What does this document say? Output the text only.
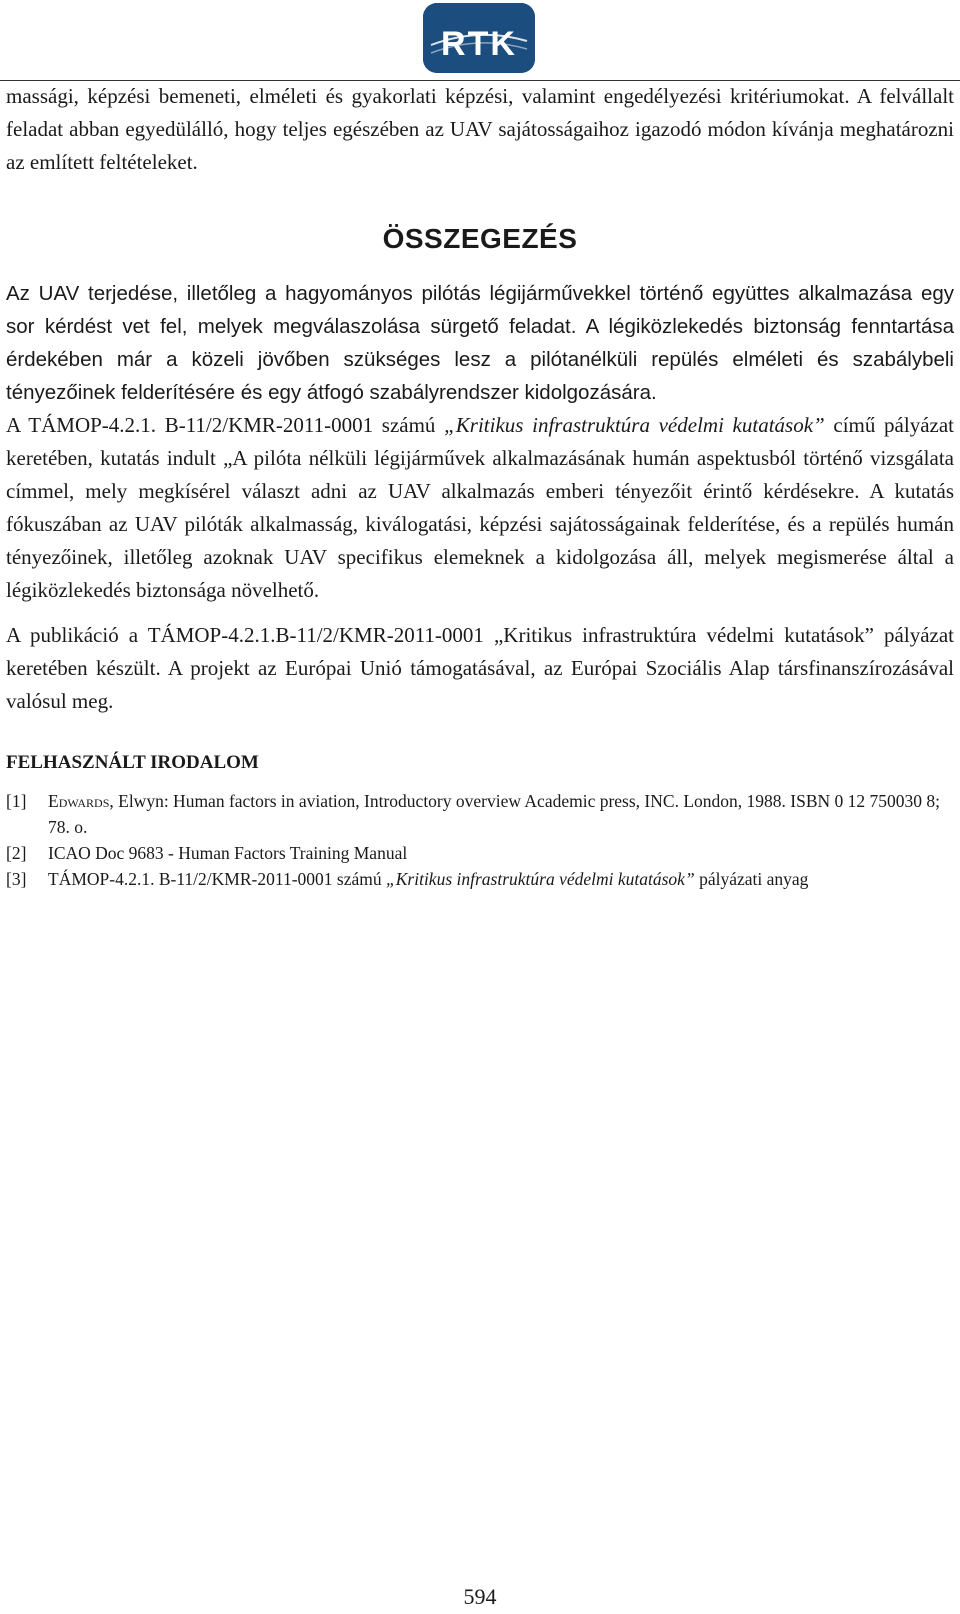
RTK

massági, képzési bemeneti, elméleti és gyakorlati képzési, valamint engedélyezési kritériumokat. A felvállalt feladat abban egyedülálló, hogy teljes egészében az UAV sajátosságaihoz igazodó módon kívánja meghatározni az említett feltételeket.

ÖSSZEGEZÉS

Az UAV terjedése, illetőleg a hagyományos pilótás légijárművekkel történő együttes alkalmazása egy sor kérdést vet fel, melyek megválaszolása sürgető feladat. A légiközlekedés biztonság fenntartása érdekében már a közeli jövőben szükséges lesz a pilótanélküli repülés elméleti és szabálybeli tényezőinek felderítésére és egy átfogó szabályrendszer kidolgozására.

A TÁMOP-4.2.1. B-11/2/KMR-2011-0001 számú „Kritikus infrastruktúra védelmi kutatások” című pályázat keretében, kutatás indult „A pilóta nélküli légijárművek alkalmazásának humán aspektusból történő vizsgálata címmel, mely megkísérel választ adni az UAV alkalmazás emberi tényezőit érintő kérdésekre. A kutatás fókuszában az UAV pilóták alkalmasság, kiválogatási, képzési sajátosságainak felderítése, és a repülés humán tényezőinek, illetőleg azoknak UAV specifikus elemeknek a kidolgozása áll, melyek megismerése által a légiközlekedés biztonsága növelhető.

A publikáció a TÁMOP-4.2.1.B-11/2/KMR-2011-0001 „Kritikus infrastruktúra védelmi kutatások” pályázat keretében készült. A projekt az Európai Unió támogatásával, az Európai Szociális Alap társfinanszírozásával valósul meg.

FELHASZNÁLT IRODALOM
[1]	Edwards, Elwyn: Human factors in aviation, Introductory overview Academic press, INC. London, 1988. ISBN 0 12 750030 8; 78. o.
[2]	ICAO Doc 9683 - Human Factors Training Manual
[3]	TÁMOP-4.2.1. B-11/2/KMR-2011-0001 számú „Kritikus infrastruktúra védelmi kutatások” pályázati anyag
594
